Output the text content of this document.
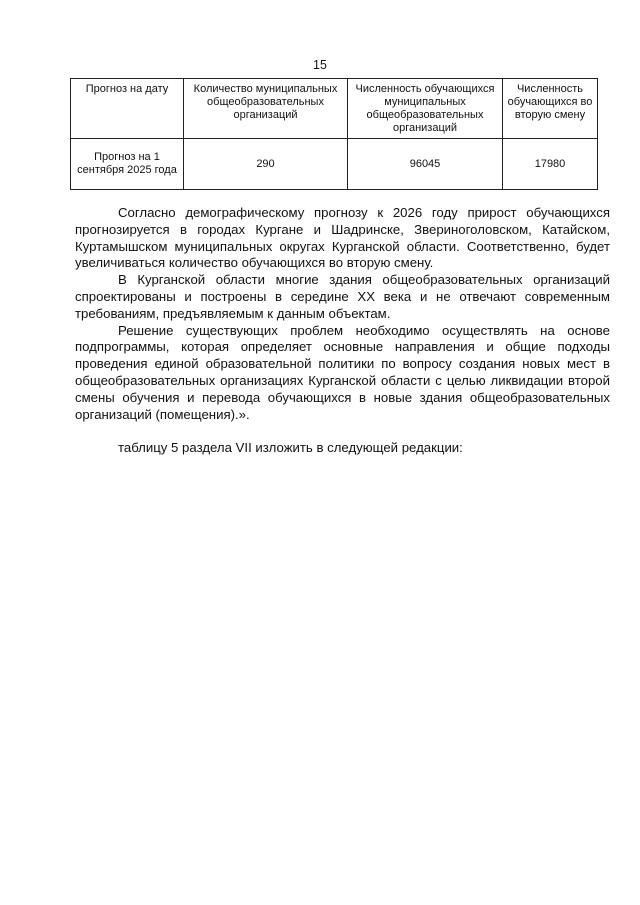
15
Прогноз на дату	Количество муниципальных общеобразовательных организаций	Численность обучающихся муниципальных общеобразовательных организаций	Численность обучающихся во вторую смену
Прогноз на 1 сентября 2025 года	290	96045	17980

Согласно демографическому прогнозу к 2026 году прирост обучающихся прогнозируется в городах Кургане и Шадринске, Звериноголовском, Катайском, Куртамышском муниципальных округах Курганской области. Соответственно, будет увеличиваться количество обучающихся во вторую смену.

В Курганской области многие здания общеобразовательных организаций спроектированы и построены в середине XX века и не отвечают современным требованиям, предъявляемым к данным объектам.

Решение существующих проблем необходимо осуществлять на основе подпрограммы, которая определяет основные направления и общие подходы проведения единой образовательной политики по вопросу создания новых мест в общеобразовательных организациях Курганской области с целью ликвидации второй смены обучения и перевода обучающихся в новые здания общеобразовательных организаций (помещения).».

таблицу 5 раздела VII изложить в следующей редакции:
